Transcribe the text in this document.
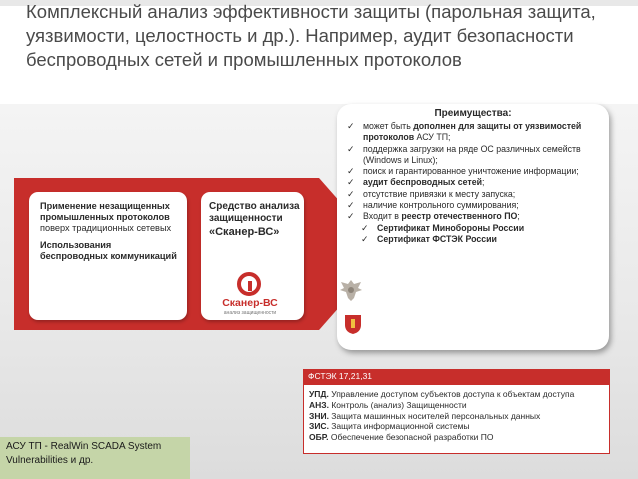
Комплексный анализ эффективности защиты (парольная защита, уязвимости, целостность и др.). Например, аудит безопасности беспроводных сетей и промышленных протоколов
Применение незащищенных промышленных протоколов поверх традиционных сетевых
Использования беспроводных коммуникаций
Средство анализа защищенности
«Сканер-ВС»
Сканер-ВС
анализ защищенности
Преимущества:
✓ может быть дополнен для защиты от уязвимостей протоколов АСУ ТП;
✓ поддержка загрузки на ряде ОС различных семейств (Windows и Linux);
✓ поиск и гарантированное уничтожение информации;
✓ аудит беспроводных сетей;
✓ отсутствие привязки к месту запуска;
✓ наличие контрольного суммирования;
✓ Входит в реестр отечественного ПО;
✓ Сертификат Минобороны России
✓ Сертификат ФСТЭК России
ФСТЭК 17,21,31
УПД. Управление доступом субъектов доступа к объектам доступа
АНЗ. Контроль (анализ) Защищенности
ЗНИ. Защита машинных носителей персональных данных
ЗИС. Защита информационной системы
ОБР. Обеспечение безопасной разработки ПО
АСУ ТП - RealWin SCADA System Vulnerabilities и др.
